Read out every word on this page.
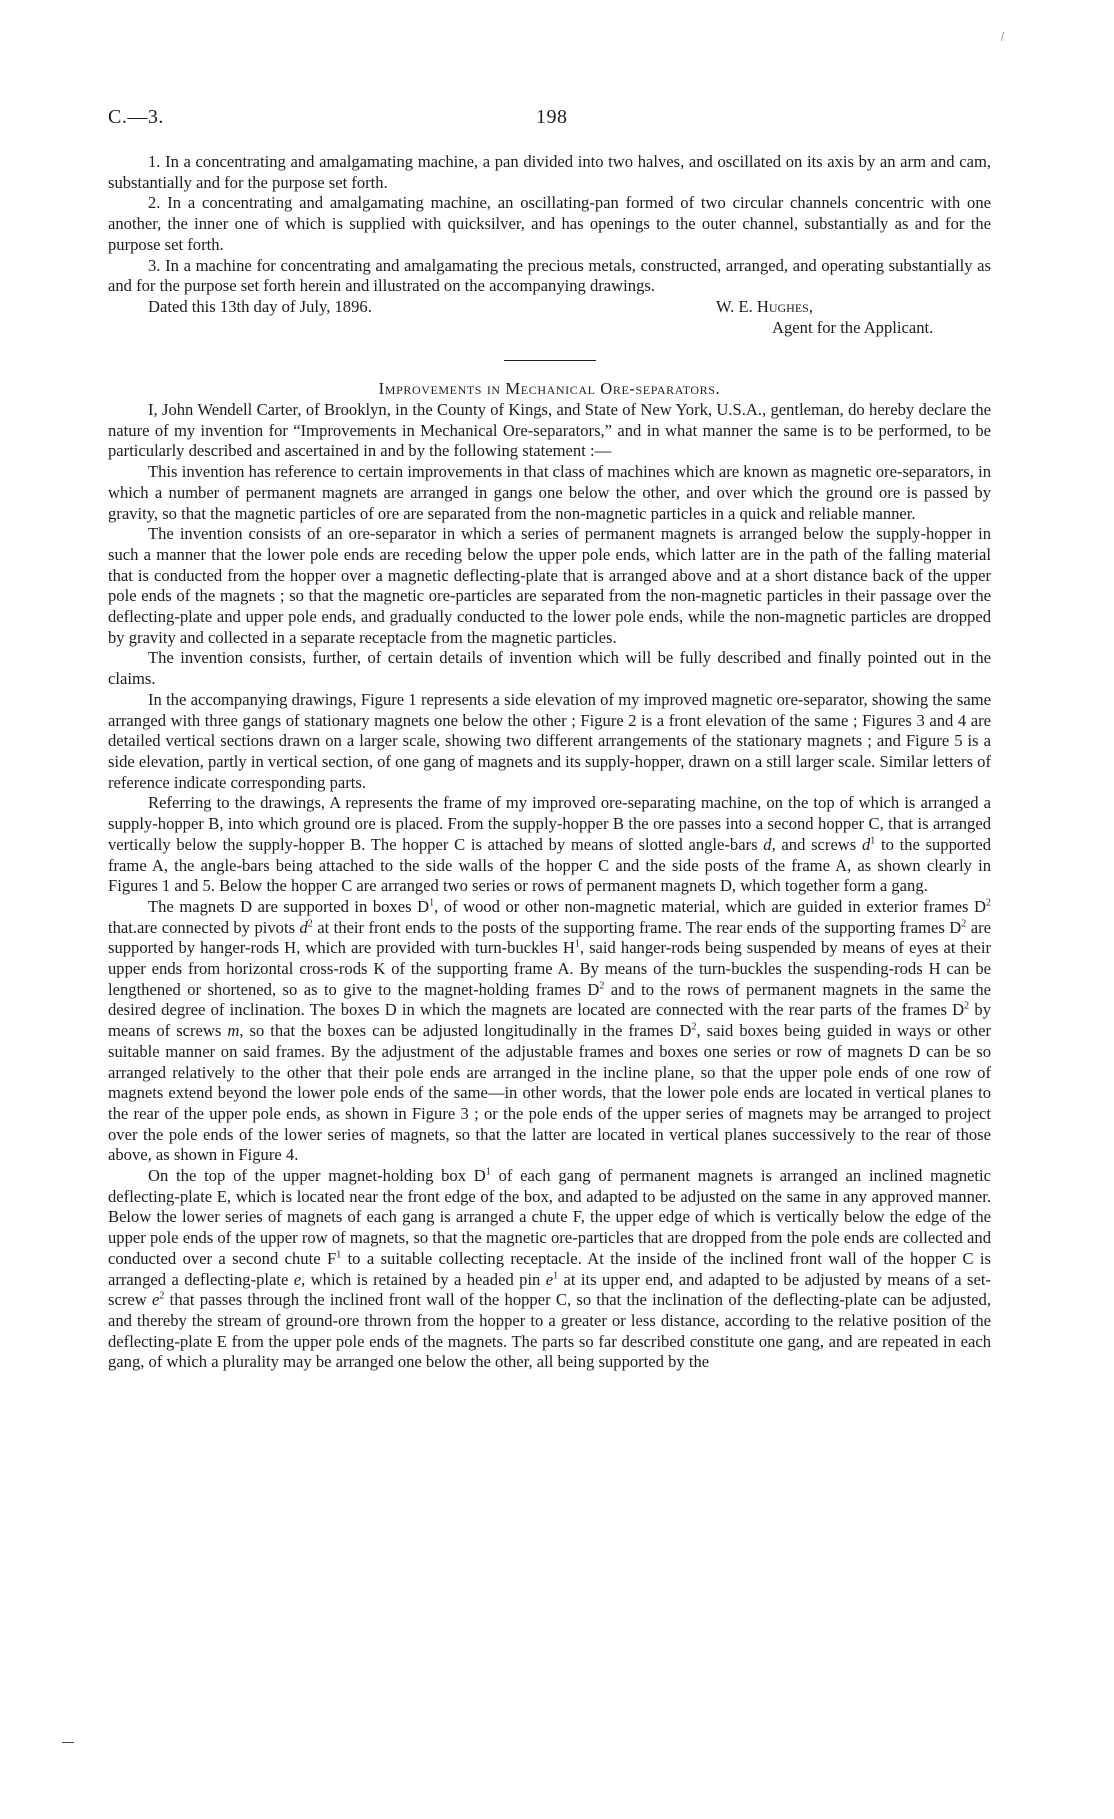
C.—3.	198

1. In a concentrating and amalgamating machine, a pan divided into two halves, and oscillated on its axis by an arm and cam, substantially and for the purpose set forth.

2. In a concentrating and amalgamating machine, an oscillating-pan formed of two circular channels concentric with one another, the inner one of which is supplied with quicksilver, and has openings to the outer channel, substantially as and for the purpose set forth.

3. In a machine for concentrating and amalgamating the precious metals, constructed, arranged, and operating substantially as and for the purpose set forth herein and illustrated on the accompanying drawings.

Dated this 13th day of July, 1896.	W. E. Hughes,
Agent for the Applicant.

Improvements in Mechanical Ore-separators.

I, John Wendell Carter, of Brooklyn, in the County of Kings, and State of New York, U.S.A., gentleman, do hereby declare the nature of my invention for “Improvements in Mechanical Ore-separators,” and in what manner the same is to be performed, to be particularly described and ascertained in and by the following statement :—

This invention has reference to certain improvements in that class of machines which are known as magnetic ore-separators, in which a number of permanent magnets are arranged in gangs one below the other, and over which the ground ore is passed by gravity, so that the magnetic particles of ore are separated from the non-magnetic particles in a quick and reliable manner.

The invention consists of an ore-separator in which a series of permanent magnets is arranged below the supply-hopper in such a manner that the lower pole ends are receding below the upper pole ends, which latter are in the path of the falling material that is conducted from the hopper over a magnetic deflecting-plate that is arranged above and at a short distance back of the upper pole ends of the magnets ; so that the magnetic ore-particles are separated from the non-magnetic particles in their passage over the deflecting-plate and upper pole ends, and gradually conducted to the lower pole ends, while the non-magnetic particles are dropped by gravity and collected in a separate receptacle from the magnetic particles.

The invention consists, further, of certain details of invention which will be fully described and finally pointed out in the claims.

In the accompanying drawings, Figure 1 represents a side elevation of my improved magnetic ore-separator, showing the same arranged with three gangs of stationary magnets one below the other ; Figure 2 is a front elevation of the same ; Figures 3 and 4 are detailed vertical sections drawn on a larger scale, showing two different arrangements of the stationary magnets ; and Figure 5 is a side elevation, partly in vertical section, of one gang of magnets and its supply-hopper, drawn on a still larger scale. Similar letters of reference indicate corresponding parts.

Referring to the drawings, A represents the frame of my improved ore-separating machine, on the top of which is arranged a supply-hopper B, into which ground ore is placed. From the supply-hopper B the ore passes into a second hopper C, that is arranged vertically below the supply-hopper B. The hopper C is attached by means of slotted angle-bars d, and screws $d^1$ to the supported frame A, the angle-bars being attached to the side walls of the hopper C and the side posts of the frame A, as shown clearly in Figures 1 and 5. Below the hopper C are arranged two series or rows of permanent magnets D, which together form a gang.

The magnets D are supported in boxes $D^1$, of wood or other non-magnetic material, which are guided in exterior frames $D^2$ that.are connected by pivots $d^2$ at their front ends to the posts of the supporting frame. The rear ends of the supporting frames $D^2$ are supported by hanger-rods H, which are provided with turn-buckles $H^1$, said hanger-rods being suspended by means of eyes at their upper ends from horizontal cross-rods K of the supporting frame A. By means of the turn-buckles the suspending-rods H can be lengthened or shortened, so as to give to the magnet-holding frames $D^2$ and to the rows of permanent magnets in the same the desired degree of inclination. The boxes D in which the magnets are located are connected with the rear parts of the frames $D^2$ by means of screws m, so that the boxes can be adjusted longitudinally in the frames $D^2$, said boxes being guided in ways or other suitable manner on said frames. By the adjustment of the adjustable frames and boxes one series or row of magnets D can be so arranged relatively to the other that their pole ends are arranged in the incline plane, so that the upper pole ends of one row of magnets extend beyond the lower pole ends of the same—in other words, that the lower pole ends are located in vertical planes to the rear of the upper pole ends, as shown in Figure 3 ; or the pole ends of the upper series of magnets may be arranged to project over the pole ends of the lower series of magnets, so that the latter are located in vertical planes successively to the rear of those above, as shown in Figure 4.

On the top of the upper magnet-holding box $D^1$ of each gang of permanent magnets is arranged an inclined magnetic deflecting-plate E, which is located near the front edge of the box, and adapted to be adjusted on the same in any approved manner. Below the lower series of magnets of each gang is arranged a chute F, the upper edge of which is vertically below the edge of the upper pole ends of the upper row of magnets, so that the magnetic ore-particles that are dropped from the pole ends are collected and conducted over a second chute $F^1$ to a suitable collecting receptacle. At the inside of the inclined front wall of the hopper C is arranged a deflecting-plate e, which is retained by a headed pin $e^1$ at its upper end, and adapted to be adjusted by means of a set-screw $e^2$ that passes through the inclined front wall of the hopper C, so that the inclination of the deflecting-plate can be adjusted, and thereby the stream of ground-ore thrown from the hopper to a greater or less distance, according to the relative position of the deflecting-plate E from the upper pole ends of the magnets. The parts so far described constitute one gang, and are repeated in each gang, of which a plurality may be arranged one below the other, all being supported by the
